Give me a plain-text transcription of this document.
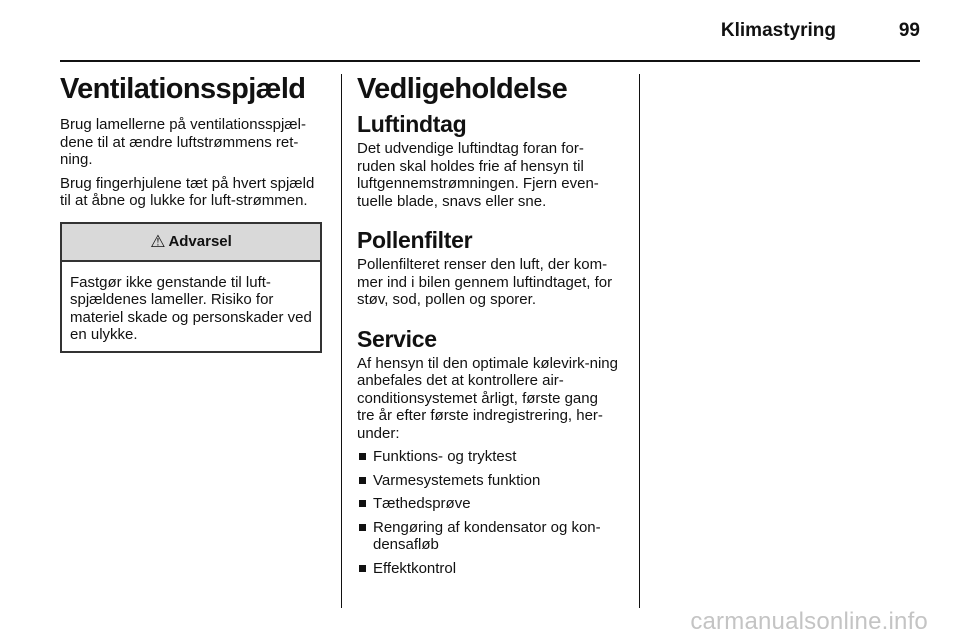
Klimastyring	99
Ventilationsspjæld

Brug lamellerne på ventilationsspjæl-dene til at ændre luftstrømmens ret-ning.

Brug fingerhjulene tæt på hvert spjæld til at åbne og lukke for luft-strømmen.

⚠ Advarsel

Fastgør ikke genstande til luft-spjældenes lameller. Risiko for materiel skade og personskader ved en ulykke.

Vedligeholdelse
Luftindtag

Det udvendige luftindtag foran for-ruden skal holdes frie af hensyn til luftgennemstrømningen. Fjern even-tuelle blade, snavs eller sne.

Pollenfilter

Pollenfilteret renser den luft, der kom-mer ind i bilen gennem luftindtaget, for støv, sod, pollen og sporer.

Service

Af hensyn til den optimale kølevirk-ning anbefales det at kontrollere air-conditionsystemet årligt, første gang tre år efter første indregistrering, her-under:

Funktions- og tryktest
Varmesystemets funktion
Tæthedsprøve
Rengøring af kondensator og kon-densafløb
Effektkontrol
carmanualsonline.info
